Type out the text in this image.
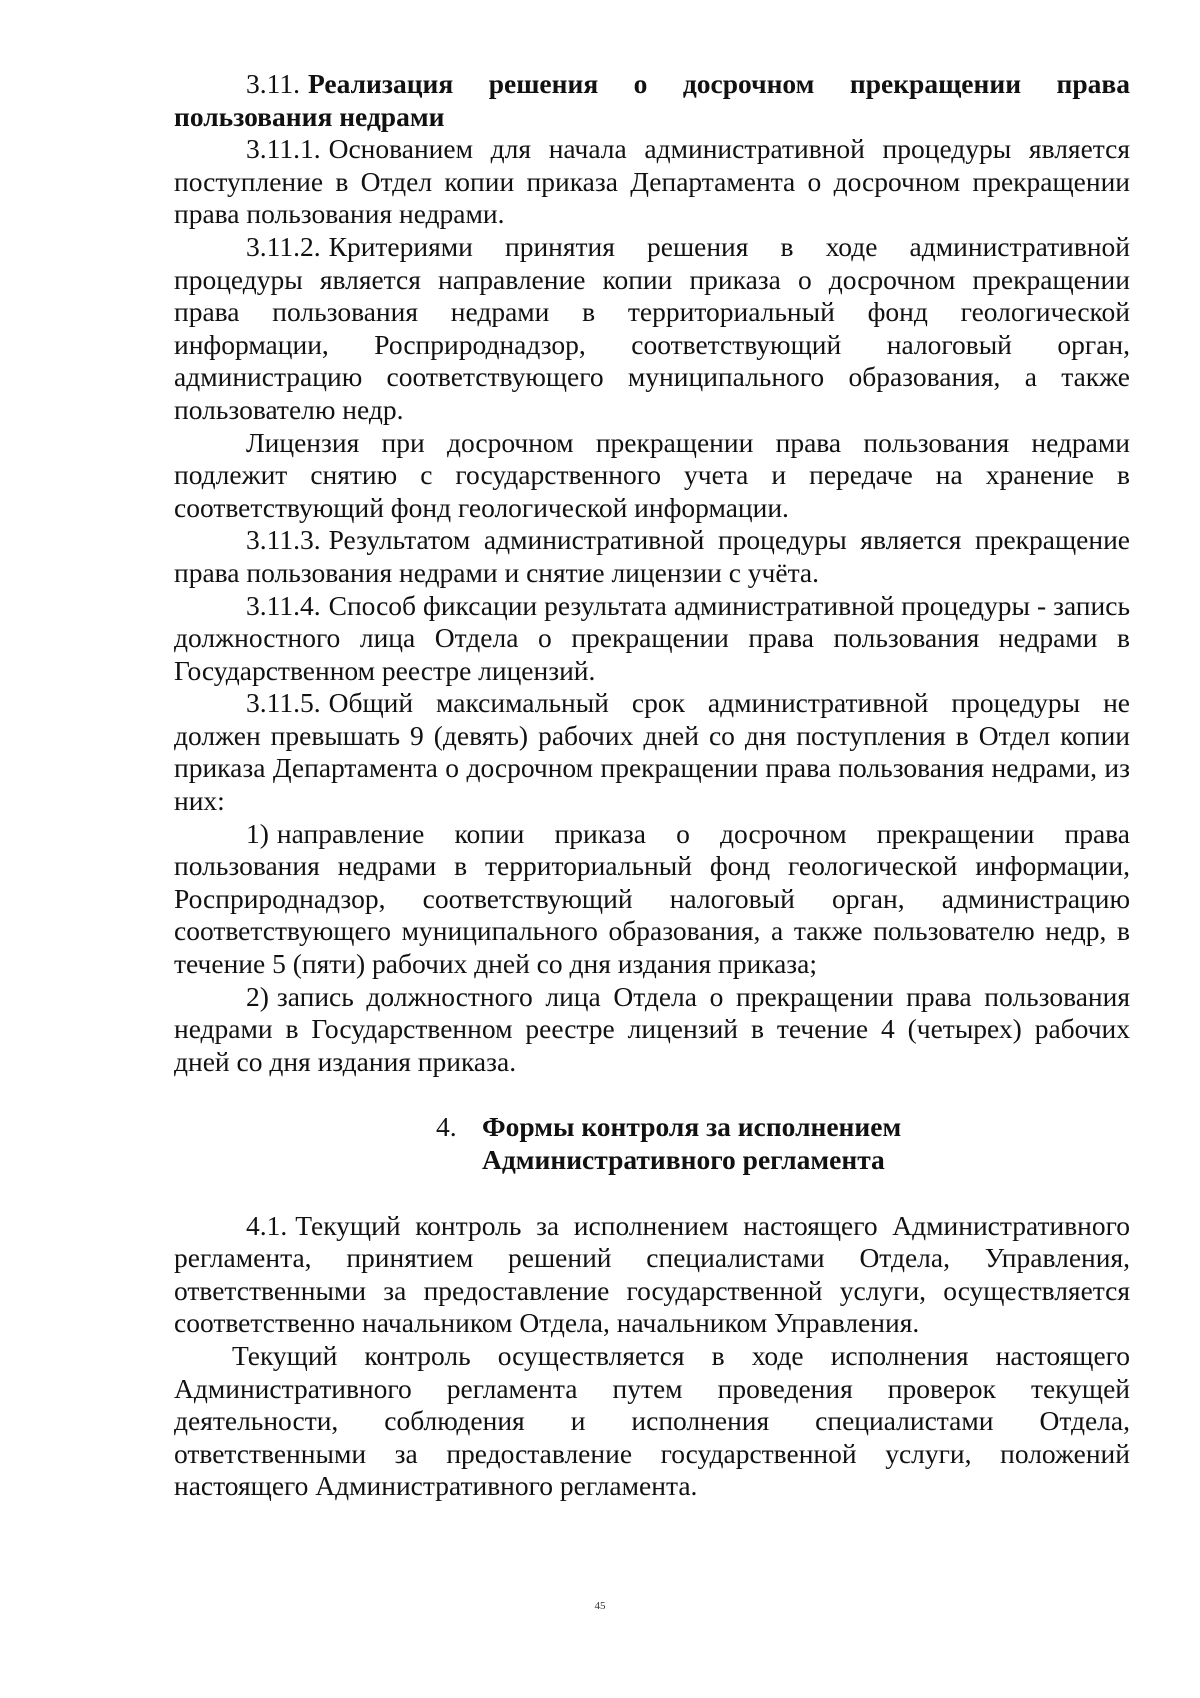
3.11. Реализация решения о досрочном прекращении права пользования недрами

3.11.1. Основанием для начала административной процедуры является поступление в Отдел копии приказа Департамента о досрочном прекращении права пользования недрами.

3.11.2. Критериями принятия решения в ходе административной процедуры является направление копии приказа о досрочном прекращении права пользования недрами в территориальный фонд геологической информации, Росприроднадзор, соответствующий налоговый орган, администрацию соответствующего муниципального образования, а также пользователю недр.

Лицензия при досрочном прекращении права пользования недрами подлежит снятию с государственного учета и передаче на хранение в соответствующий фонд геологической информации.

3.11.3. Результатом административной процедуры является прекращение права пользования недрами и снятие лицензии с учёта.

3.11.4. Способ фиксации результата административной процедуры - запись должностного лица Отдела о прекращении права пользования недрами в Государственном реестре лицензий.

3.11.5. Общий максимальный срок административной процедуры не должен превышать 9 (девять) рабочих дней со дня поступления в Отдел копии приказа Департамента о досрочном прекращении права пользования недрами, из них:

1) направление копии приказа о досрочном прекращении права пользования недрами в территориальный фонд геологической информации, Росприроднадзор, соответствующий налоговый орган, администрацию соответствующего муниципального образования, а также пользователю недр, в течение 5 (пяти) рабочих дней со дня издания приказа;

2) запись должностного лица Отдела о прекращении права пользования недрами в Государственном реестре лицензий в течение 4 (четырех) рабочих дней со дня издания приказа.

4. Формы контроля за исполнением
Административного регламента

4.1. Текущий контроль за исполнением настоящего Административного регламента, принятием решений специалистами Отдела, Управления, ответственными за предоставление государственной услуги, осуществляется соответственно начальником Отдела, начальником Управления.

Текущий контроль осуществляется в ходе исполнения настоящего Административного регламента путем проведения проверок текущей деятельности, соблюдения и исполнения специалистами Отдела, ответственными за предоставление государственной услуги, положений настоящего Административного регламента.

45
